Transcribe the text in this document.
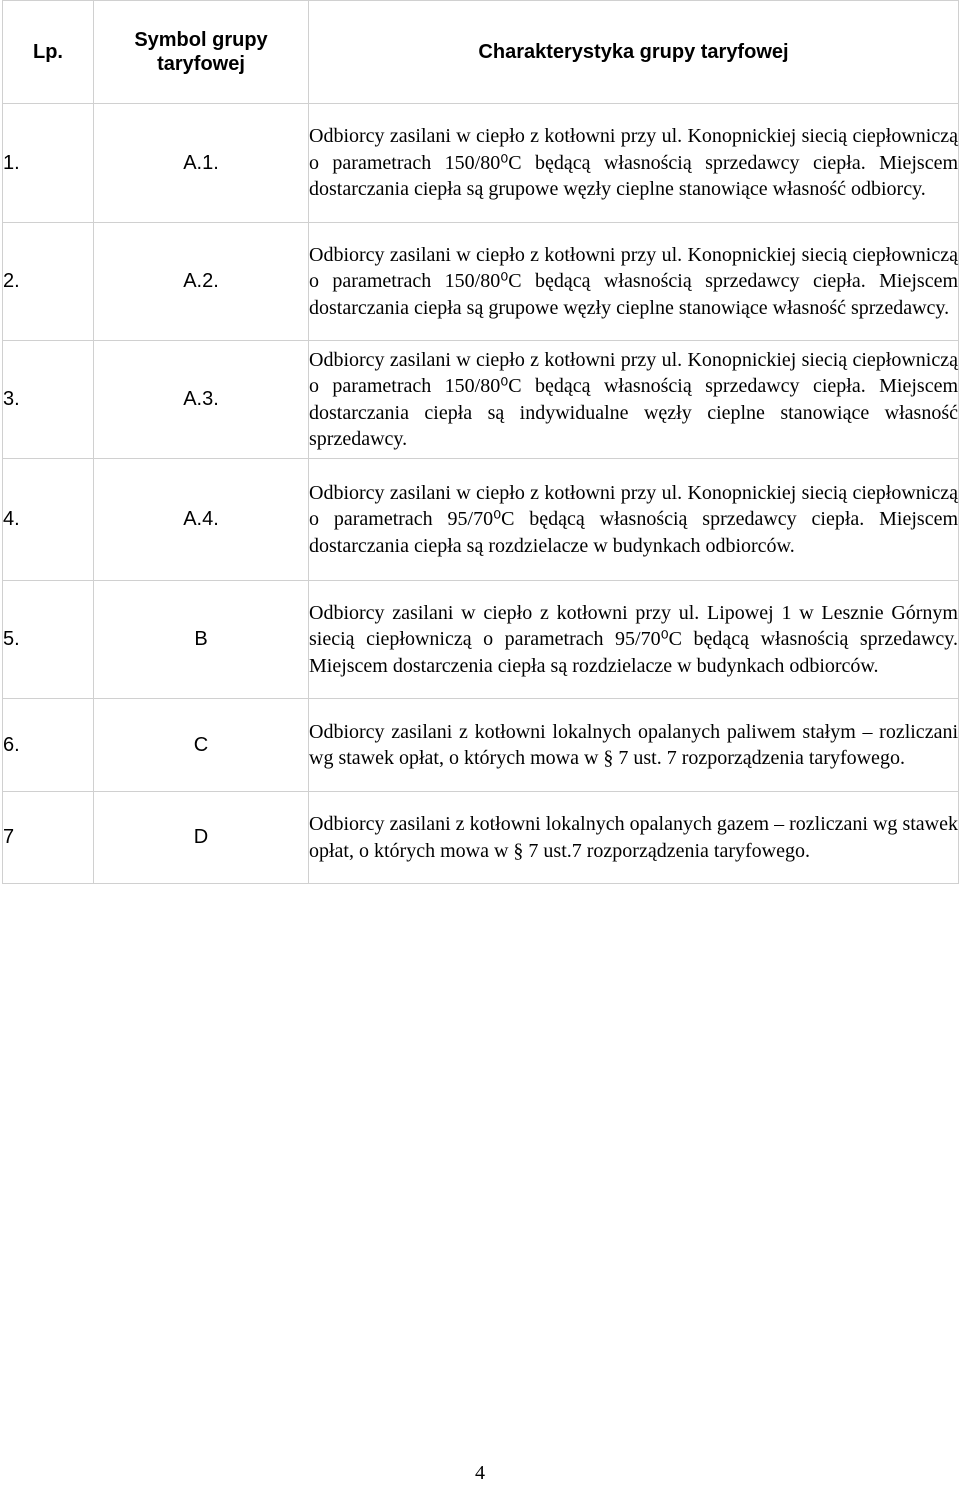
Lp.	Symbol grupy taryfowej	Charakterystyka grupy taryfowej
1.	A.1.	Odbiorcy zasilani w ciepło z kotłowni przy ul. Konopnickiej siecią ciepłowniczą o parametrach 150/80⁰C będącą własnością sprzedawcy ciepła. Miejscem dostarczania ciepła są grupowe węzły cieplne stanowiące własność odbiorcy.
2.	A.2.	Odbiorcy zasilani w ciepło z kotłowni przy ul. Konopnickiej siecią ciepłowniczą o parametrach 150/80⁰C będącą własnością sprzedawcy ciepła. Miejscem dostarczania ciepła są grupowe węzły cieplne stanowiące własność sprzedawcy.
3.	A.3.	Odbiorcy zasilani w ciepło z kotłowni przy ul. Konopnickiej siecią ciepłowniczą o parametrach 150/80⁰C będącą własnością sprzedawcy ciepła. Miejscem dostarczania ciepła są indywidualne węzły cieplne stanowiące własność sprzedawcy.
4.	A.4.	Odbiorcy zasilani w ciepło z kotłowni przy ul. Konopnickiej siecią ciepłowniczą o parametrach 95/70⁰C będącą własnością sprzedawcy ciepła. Miejscem dostarczania ciepła są rozdzielacze w budynkach odbiorców.
5.	B	Odbiorcy zasilani w ciepło z kotłowni przy ul. Lipowej 1 w Lesznie Górnym siecią ciepłowniczą o parametrach 95/70⁰C będącą własnością sprzedawcy. Miejscem dostarczenia ciepła są rozdzielacze w budynkach odbiorców.
6.	C	Odbiorcy zasilani z kotłowni lokalnych opalanych paliwem stałym – rozliczani wg stawek opłat, o których mowa w § 7 ust. 7 rozporządzenia taryfowego.
7	D	Odbiorcy zasilani z kotłowni lokalnych opalanych gazem – rozliczani wg stawek opłat, o których mowa w § 7 ust.7 rozporządzenia taryfowego.
4
